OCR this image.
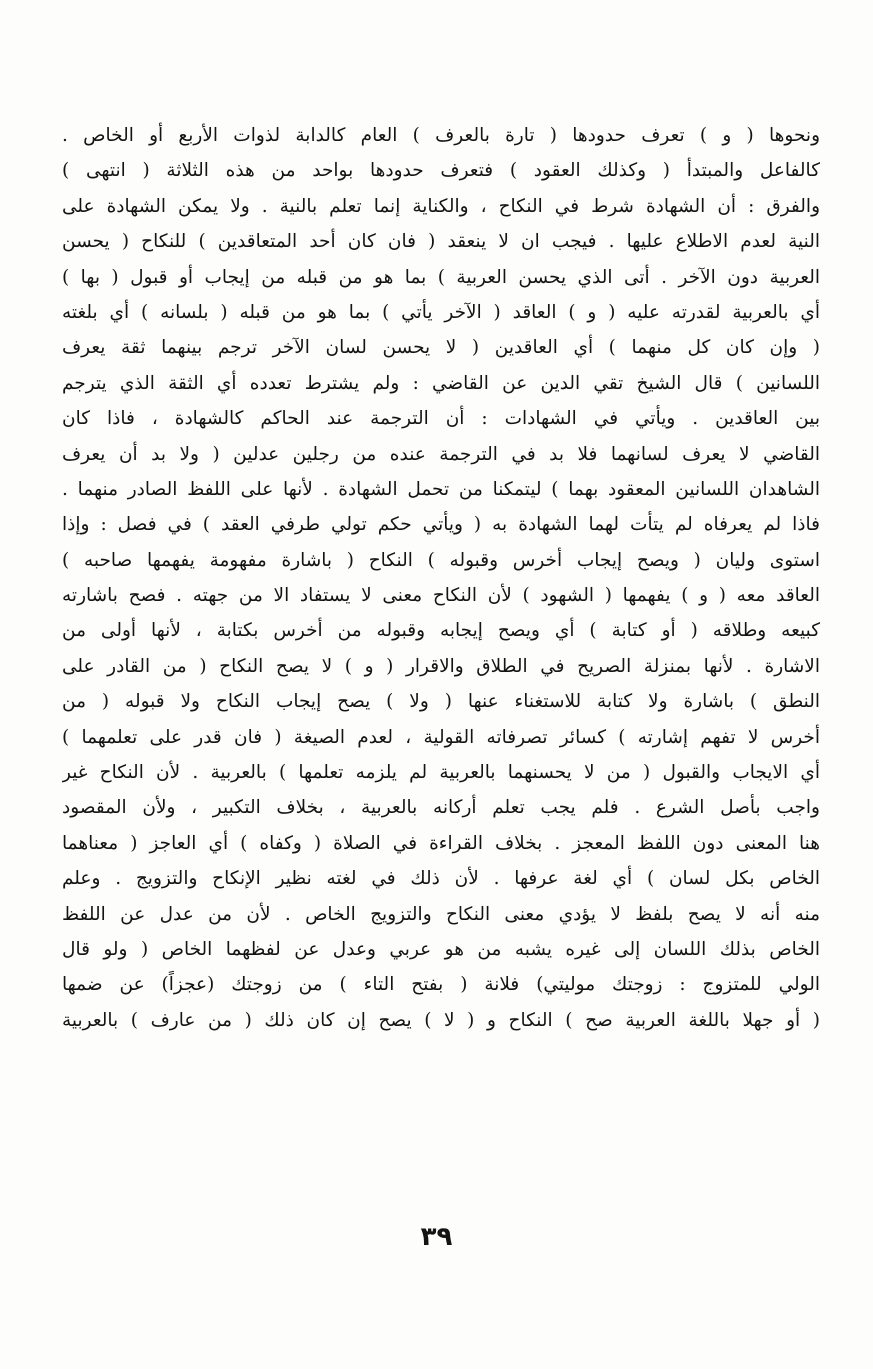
ونحوها ( و ) تعرف حدودها ( تارة بالعرف ) العام كالدابة لذوات الأربع أو الخاص .
كالفاعل والمبتدأ ( وكذلك العقود ) فتعرف حدودها بواحد من هذه الثلاثة ( انتهى )
والفرق : أن الشهادة شرط في النكاح ، والكناية إنما تعلم بالنية . ولا يمكن الشهادة على
النية لعدم الاطلاع عليها . فيجب ان لا ينعقد ( فان كان أحد المتعاقدين ) للنكاح ( يحسن
العربية دون الآخر . أتى الذي يحسن العربية ) بما هو من قبله من إيجاب أو قبول ( بها )
أي بالعربية لقدرته عليه ( و ) العاقد ( الآخر يأتي ) بما هو من قبله ( بلسانه ) أي بلغته
( وإن كان كل منهما ) أي العاقدين ( لا يحسن لسان الآخر ترجم بينهما ثقة يعرف
اللسانين ) قال الشيخ تقي الدين عن القاضي : ولم يشترط تعدده أي الثقة الذي يترجم
بين العاقدين . ويأتي في الشهادات : أن الترجمة عند الحاكم كالشهادة ، فاذا كان
القاضي لا يعرف لسانهما فلا بد في الترجمة عنده من رجلين عدلين ( ولا بد أن يعرف
الشاهدان اللسانين المعقود بهما ) ليتمكنا من تحمل الشهادة . لأنها على اللفظ الصادر منهما .
فاذا لم يعرفاه لم يتأت لهما الشهادة به ( ويأتي حكم تولي طرفي العقد ) في فصل : وإذا
استوى وليان ( ويصح إيجاب أخرس وقبوله ) النكاح ( باشارة مفهومة يفهمها صاحبه )
العاقد معه ( و ) يفهمها ( الشهود ) لأن النكاح معنى لا يستفاد الا من جهته . فصح باشارته
كبيعه وطلاقه ( أو كتابة ) أي ويصح إيجابه وقبوله من أخرس بكتابة ، لأنها أولى من
الاشارة . لأنها بمنزلة الصريح في الطلاق والاقرار ( و ) لا يصح النكاح ( من القادر على
النطق ) باشارة ولا كتابة للاستغناء عنها ( ولا ) يصح إيجاب النكاح ولا قبوله ( من
أخرس لا تفهم إشارته ) كسائر تصرفاته القولية ، لعدم الصيغة ( فان قدر على تعلمهما )
أي الايجاب والقبول ( من لا يحسنهما بالعربية لم يلزمه تعلمها ) بالعربية . لأن النكاح غير
واجب بأصل الشرع . فلم يجب تعلم أركانه بالعربية ، بخلاف التكبير ، ولأن المقصود
هنا المعنى دون اللفظ المعجز . بخلاف القراءة في الصلاة ( وكفاه ) أي العاجز ( معناهما
الخاص بكل لسان ) أي لغة عرفها . لأن ذلك في لغته نظير الإنكاح والتزويج . وعلم
منه أنه لا يصح بلفظ لا يؤدي معنى النكاح والتزويج الخاص . لأن من عدل عن اللفظ
الخاص بذلك اللسان إلى غيره يشبه من هو عربي وعدل عن لفظهما الخاص ( ولو قال
الولي للمتزوج : زوجتك موليتي) فلانة ( بفتح التاء ) من زوجتك (عجزاً) عن ضمها
( أو جهلا باللغة العربية صح ) النكاح و ( لا ) يصح إن كان ذلك ( من عارف ) بالعربية
٣٩
